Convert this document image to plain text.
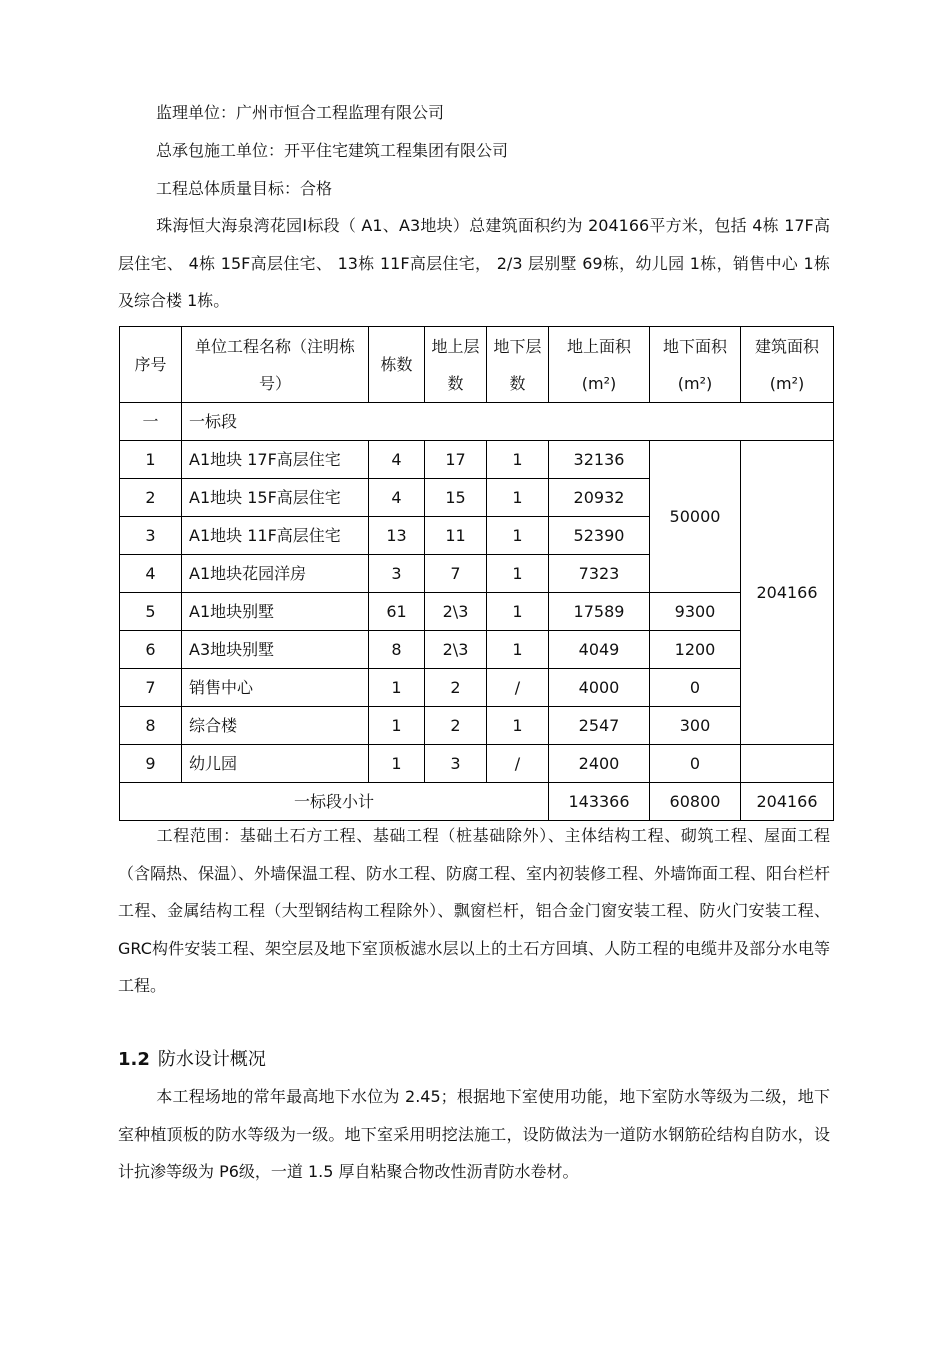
监理单位：广州市恒合工程监理有限公司
总承包施工单位：开平住宅建筑工程集团有限公司
工程总体质量目标：合格
珠海恒大海泉湾花园Ⅰ标段（ A1、A3地块）总建筑面积约为 204166平方米，包括 4栋 17F高层住宅、 4栋 15F高层住宅、 13栋 11F高层住宅， 2/3 层别墅 69栋，幼儿园 1栋，销售中心 1栋及综合楼 1栋。
序号	单位工程名称（注明栋号）	栋数	地上层数	地下层数	地上面积(m²)	地下面积(m²)	建筑面积(m²)
一	一标段						
1	A1地块 17F高层住宅	4	17	1	32136	50000	204166
2	A1地块 15F高层住宅	4	15	1	20932		
3	A1地块 11F高层住宅	13	11	1	52390		
4	A1地块花园洋房	3	7	1	7323		
5	A1地块别墅	61	2\3	1	17589	9300	
6	A3地块别墅	8	2\3	1	4049	1200	
7	销售中心	1	2	/	4000	0	
8	综合楼	1	2	1	2547	300	
9	幼儿园	1	3	/	2400	0	
一标段小计					143366	60800	204166
工程范围：基础土石方工程、基础工程（桩基础除外）、主体结构工程、砌筑工程、屋面工程（含隔热、保温）、外墙保温工程、防水工程、防腐工程、室内初装修工程、外墙饰面工程、阳台栏杆工程、金属结构工程（大型钢结构工程除外）、飘窗栏杆，铝合金门窗安装工程、防火门安装工程、 GRC构件安装工程、架空层及地下室顶板滤水层以上的土石方回填、人防工程的电缆井及部分水电等工程。
1.2 防水设计概况
本工程场地的常年最高地下水位为 2.45；根据地下室使用功能，地下室防水等级为二级，地下室种植顶板的防水等级为一级。地下室采用明挖法施工，设防做法为一道防水钢筋砼结构自防水，设计抗渗等级为 P6级，一道 1.5 厚自粘聚合物改性沥青防水卷材。
